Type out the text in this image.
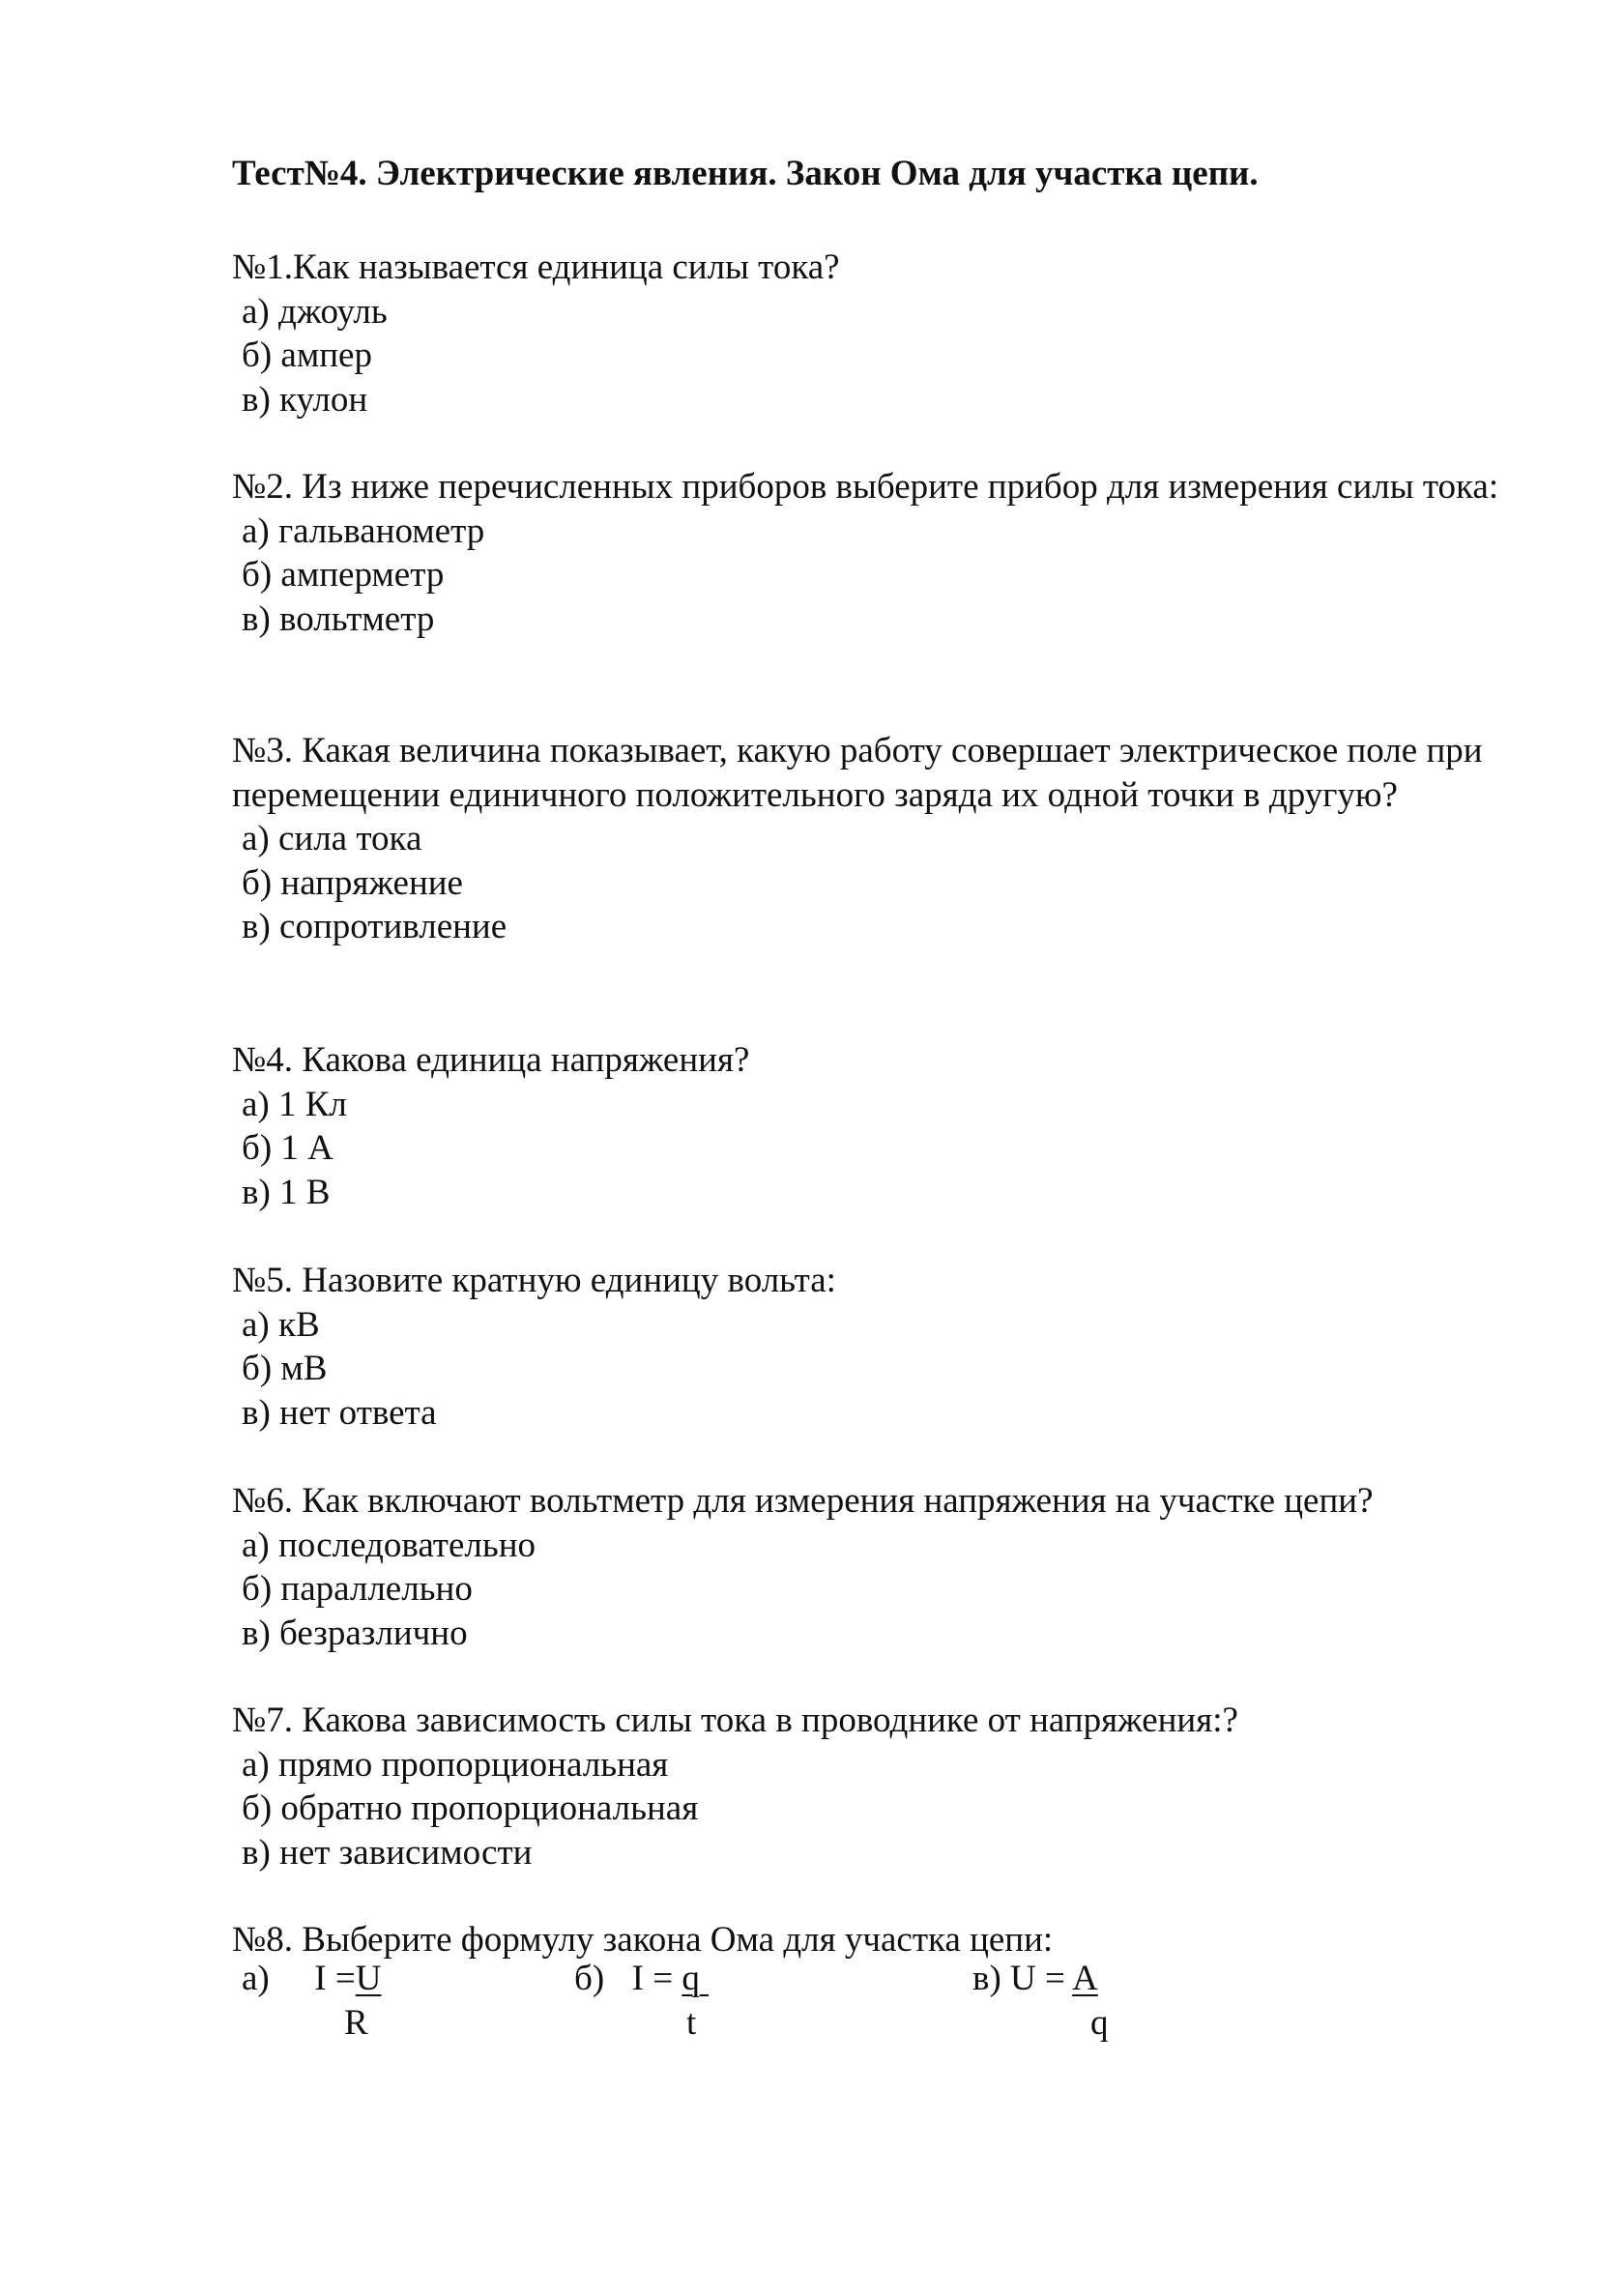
Тест№4. Электрические явления. Закон Ома для участка цепи.

№1.Как называется единица силы тока?

а) джоуль
б) ампер
в) кулон

№2. Из ниже перечисленных приборов выберите прибор для измерения силы тока:

а) гальванометр
б) амперметр
в) вольтметр

№3. Какая величина показывает, какую работу совершает электрическое поле при перемещении единичного положительного заряда их одной точки в другую?

а) сила тока
б) напряжение
в) сопротивление

№4. Какова единица напряжения?

а) 1 Кл
б) 1 А
в) 1 В

№5. Назовите кратную единицу вольта:

а) кВ
б) мВ
в) нет ответа

№6. Как включают вольтметр для измерения напряжения на участке цепи?

а) последовательно
б) параллельно
в) безразлично

№7. Какова зависимость силы тока в проводнике от напряжения:?

а) прямо пропорциональная
б) обратно пропорциональная
в) нет зависимости

№8. Выберите формулу закона Ома для участка цепи:

а) I =U
R
б) I = q
t
в) U = A
q
